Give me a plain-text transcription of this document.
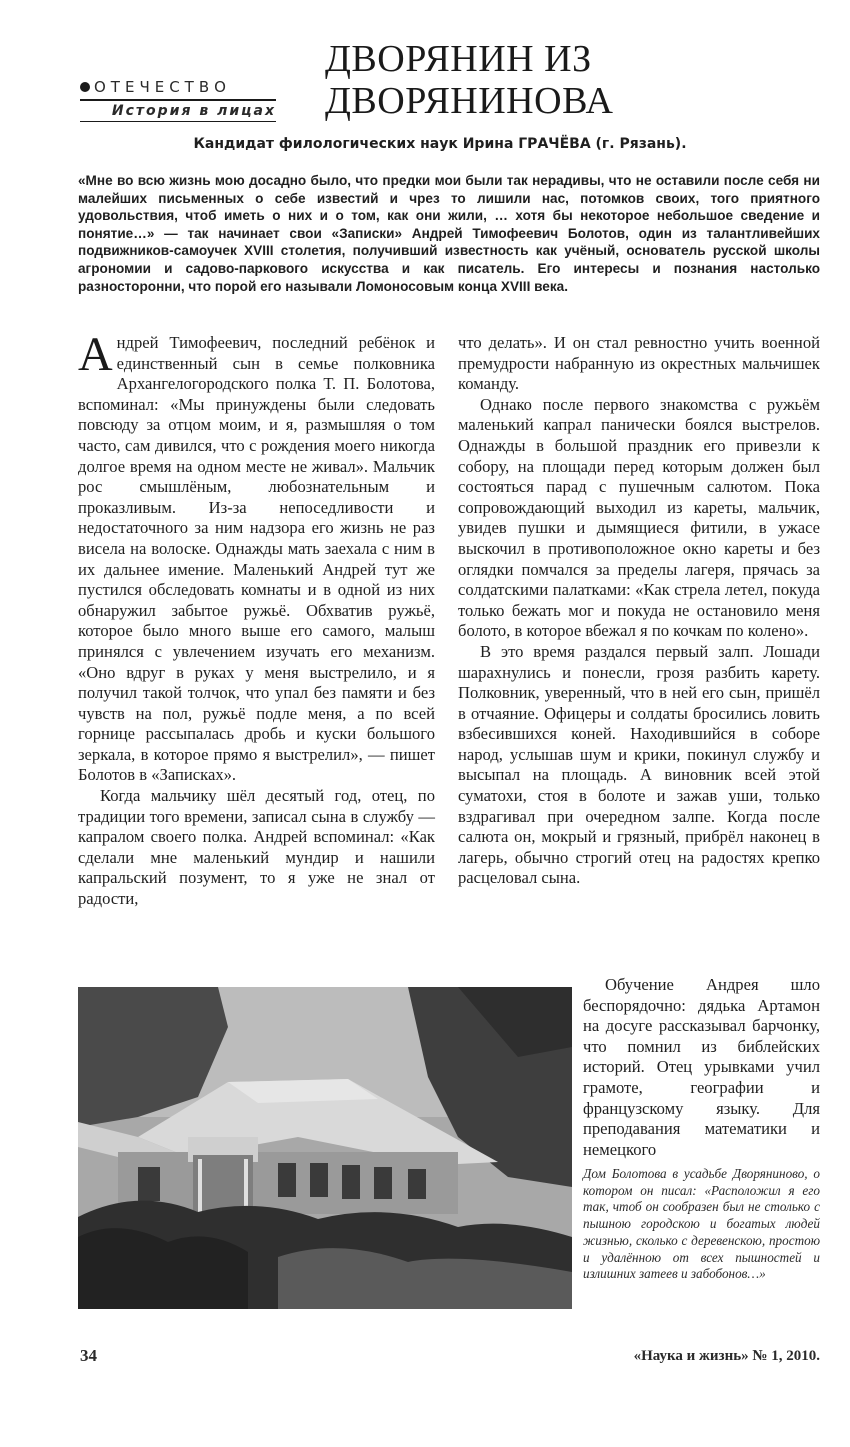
ОТЕЧЕСТВО
История в лицах
ДВОРЯНИН ИЗ
ДВОРЯНИНОВА
Кандидат филологических наук Ирина ГРАЧЁВА (г. Рязань).
«Мне во всю жизнь мою досадно было, что предки мои были так нерадивы, что не оставили после себя ни малейших письменных о себе известий и чрез то лишили нас, потомков своих, того приятного удовольствия, чтоб иметь о них и о том, как они жили, … хотя бы некоторое небольшое сведение и понятие…» — так начинает свои «Записки» Андрей Тимофеевич Болотов, один из талантливейших подвижников-самоучек XVIII столетия, получивший известность как учёный, основатель русской школы агрономии и садово-паркового искусства и как писатель. Его интересы и познания настолько разносторонни, что порой его называли Ломоносовым конца XVIII века.

Андрей Тимофеевич, последний ребёнок и единственный сын в семье полковника Архангелогородского полка Т. П. Болотова, вспоминал: «Мы принуждены были следовать повсюду за отцом моим, и я, размышляя о том часто, сам дивился, что с рождения моего никогда долгое время на одном месте не живал». Мальчик рос смышлёным, любознательным и проказливым. Из-за непоседливости и недостаточного за ним надзора его жизнь не раз висела на волоске. Однажды мать заехала с ним в их дальнее имение. Маленький Андрей тут же пустился обследовать комнаты и в одной из них обнаружил забытое ружьё. Обхватив ружьё, которое было много выше его самого, малыш принялся с увлечением изучать его механизм. «Оно вдруг в руках у меня выстрелило, и я получил такой толчок, что упал без памяти и без чувств на пол, ружьё подле меня, а по всей горнице рассыпалась дробь и куски большого зеркала, в которое прямо я выстрелил», — пишет Болотов в «Записках».

Когда мальчику шёл десятый год, отец, по традиции того времени, записал сына в службу — капралом своего полка. Андрей вспоминал: «Как сделали мне маленький мундир и нашили капральский позумент, то я уже не знал от радости,

что делать». И он стал ревностно учить военной премудрости набранную из окрестных мальчишек команду.

Однако после первого знакомства с ружьём маленький капрал панически боялся выстрелов. Однажды в большой праздник его привезли к собору, на площади перед которым должен был состояться парад с пушечным салютом. Пока сопровождающий выходил из кареты, мальчик, увидев пушки и дымящиеся фитили, в ужасе выскочил в противоположное окно кареты и без оглядки помчался за пределы лагеря, прячась за солдатскими палатками: «Как стрела летел, покуда только бежать мог и покуда не остановило меня болото, в которое вбежал я по кочкам по колено».

В это время раздался первый залп. Лошади шарахнулись и понесли, грозя разбить карету. Полковник, уверенный, что в ней его сын, пришёл в отчаяние. Офицеры и солдаты бросились ловить взбесившихся коней. Находившийся в соборе народ, услышав шум и крики, покинул службу и высыпал на площадь. А виновник всей этой суматохи, стоя в болоте и зажав уши, только вздрагивал при очередном залпе. Когда после салюта он, мокрый и грязный, прибрёл наконец в лагерь, обычно строгий отец на радостях крепко расцеловал сына.

Обучение Андрея шло беспорядочно: дядька Артамон на досуге рассказывал барчонку, что помнил из библейских историй. Отец урывками учил грамоте, географии и французскому языку. Для преподавания математики и немецкого

Дом Болотова в усадьбе Дворяниново, о котором он писал: «Расположил я его так, чтоб он сообразен был не столько с пышною городскою и богатых людей жизнью, сколько с деревенскою, простою и удалённою от всех пышностей и излишних затеев и забобонов…»
34	«Наука и жизнь» № 1, 2010.
